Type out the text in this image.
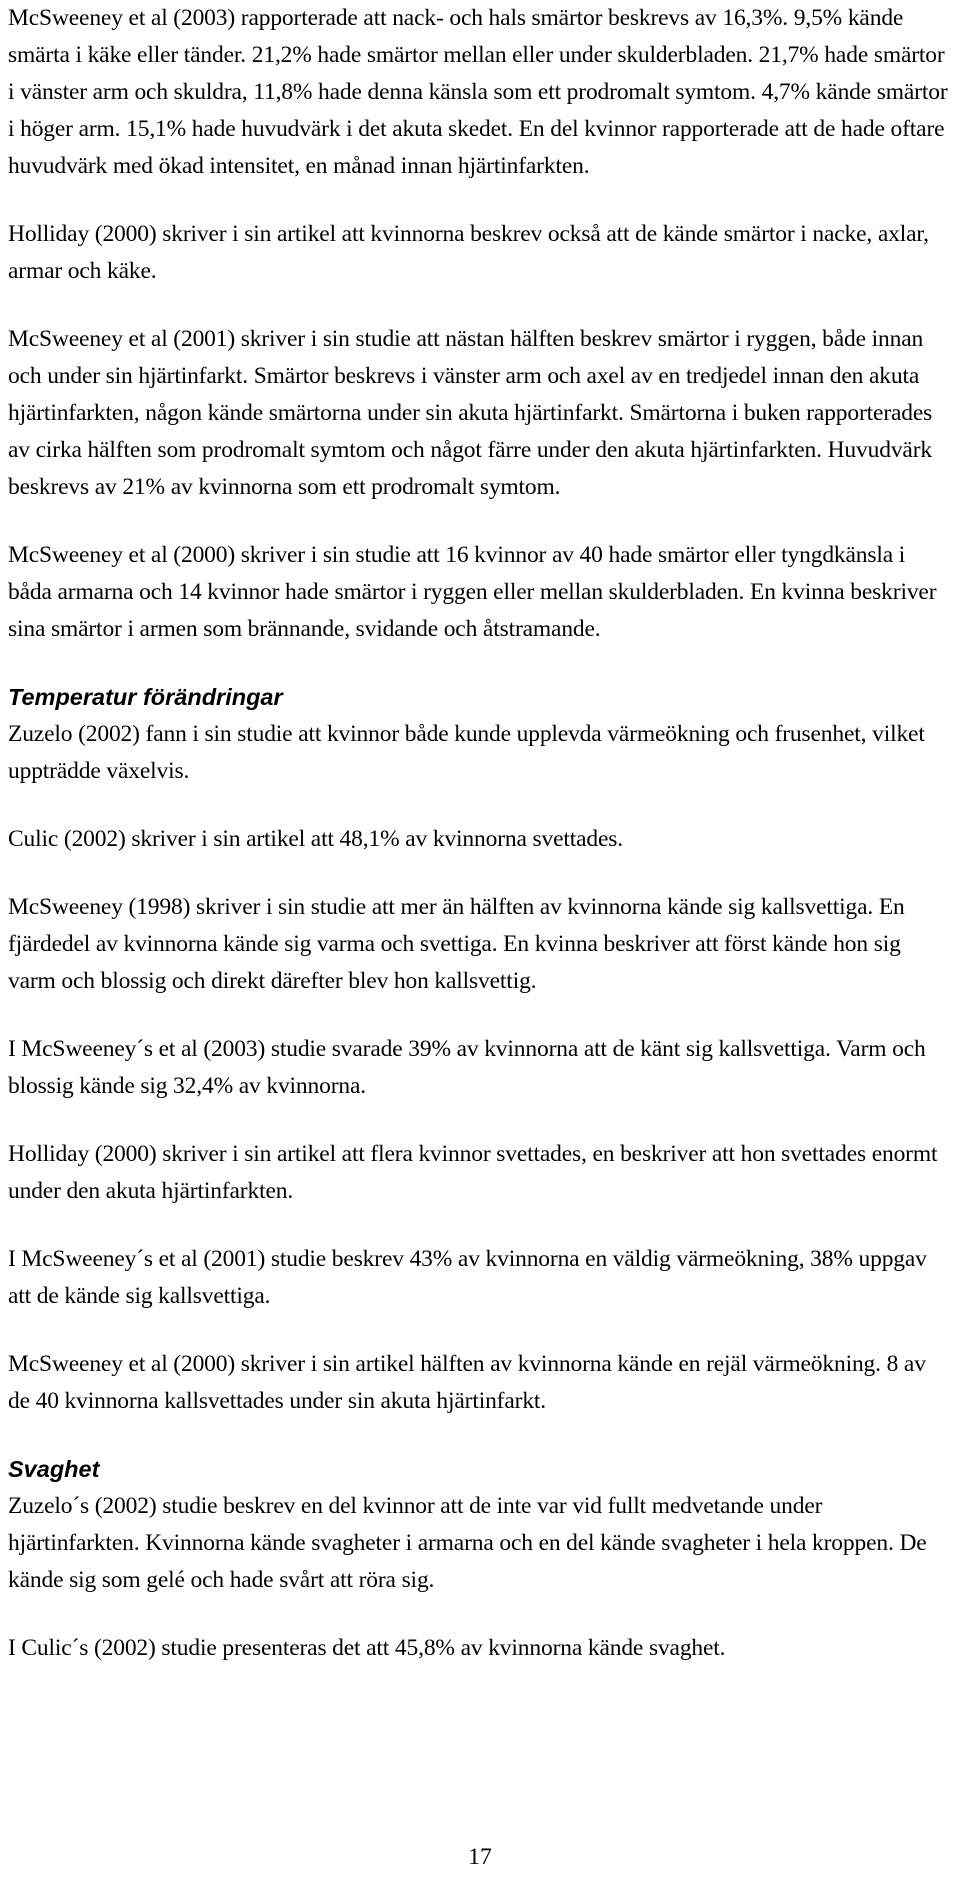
McSweeney et al (2003) rapporterade att nack- och hals smärtor beskrevs av 16,3%. 9,5% kände smärta i käke eller tänder. 21,2% hade smärtor mellan eller under skulderbladen. 21,7% hade smärtor i vänster arm och skuldra, 11,8% hade denna känsla som ett prodromalt symtom. 4,7% kände smärtor i höger arm. 15,1% hade huvudvärk i det akuta skedet. En del kvinnor rapporterade att de hade oftare huvudvärk med ökad intensitet, en månad innan hjärtinfarkten.

Holliday (2000) skriver i sin artikel att kvinnorna beskrev också att de kände smärtor i nacke, axlar, armar och käke.

McSweeney et al (2001) skriver i sin studie att nästan hälften beskrev smärtor i ryggen, både innan och under sin hjärtinfarkt. Smärtor beskrevs i vänster arm och axel av en tredjedel innan den akuta hjärtinfarkten, någon kände smärtorna under sin akuta hjärtinfarkt. Smärtorna i buken rapporterades av cirka hälften som prodromalt symtom och något färre under den akuta hjärtinfarkten. Huvudvärk beskrevs av 21% av kvinnorna som ett prodromalt symtom.

McSweeney et al (2000) skriver i sin studie att 16 kvinnor av 40 hade smärtor eller tyngdkänsla i båda armarna och 14 kvinnor hade smärtor i ryggen eller mellan skulderbladen. En kvinna beskriver sina smärtor i armen som brännande, svidande och åtstramande.

Temperatur förändringar

Zuzelo (2002) fann i sin studie att kvinnor både kunde upplevda värmeökning och frusenhet, vilket uppträdde växelvis.

Culic (2002) skriver i sin artikel att 48,1% av kvinnorna svettades.

McSweeney (1998) skriver i sin studie att mer än hälften av kvinnorna kände sig kallsvettiga. En fjärdedel av kvinnorna kände sig varma och svettiga. En kvinna beskriver att först kände hon sig varm och blossig och direkt därefter blev hon kallsvettig.

I McSweeney´s et al (2003) studie svarade 39% av kvinnorna att de känt sig kallsvettiga. Varm och blossig kände sig 32,4% av kvinnorna.

Holliday (2000) skriver i sin artikel att flera kvinnor svettades, en beskriver att hon svettades enormt under den akuta hjärtinfarkten.

I McSweeney´s et al (2001) studie beskrev 43% av kvinnorna en väldig värmeökning, 38% uppgav att de kände sig kallsvettiga.

McSweeney et al (2000) skriver i sin artikel hälften av kvinnorna kände en rejäl värmeökning. 8 av de 40 kvinnorna kallsvettades under sin akuta hjärtinfarkt.

Svaghet

Zuzelo´s (2002) studie beskrev en del kvinnor att de inte var vid fullt medvetande under hjärtinfarkten. Kvinnorna kände svagheter i armarna och en del kände svagheter i hela kroppen. De kände sig som gelé och hade svårt att röra sig.

I Culic´s (2002) studie presenteras det att 45,8% av kvinnorna kände svaghet.

17
